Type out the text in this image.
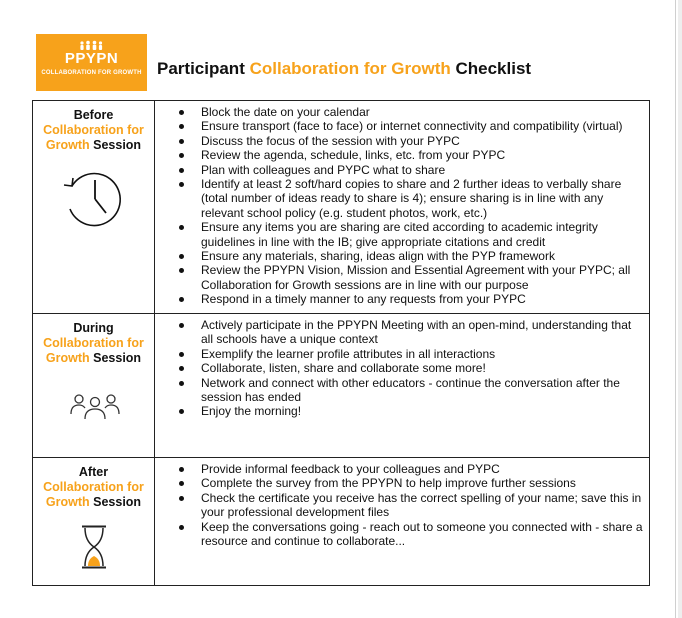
PPYPN
COLLABORATION FOR GROWTH Participant Collaboration for Growth Checklist
Before
Collaboration for
Growth Session
Block the date on your calendar
Ensure transport (face to face) or internet connectivity and compatibility (virtual)
Discuss the focus of the session with your PYPC
Review the agenda, schedule, links, etc. from your PYPC
Plan with colleagues and PYPC what to share
Identify at least 2 soft/hard copies to share and 2 further ideas to verbally share (total number of ideas ready to share is 4); ensure sharing is in line with any relevant school policy (e.g. student photos, work, etc.)
Ensure any items you are sharing are cited according to academic integrity guidelines in line with the IB; give appropriate citations and credit
Ensure any materials, sharing, ideas align with the PYP framework
Review the PPYPN Vision, Mission and Essential Agreement with your PYPC; all Collaboration for Growth sessions are in line with our purpose
Respond in a timely manner to any requests from your PYPC
During
Collaboration for
Growth Session
Actively participate in the PPYPN Meeting with an open-mind, understanding that all schools have a unique context
Exemplify the learner profile attributes in all interactions
Collaborate, listen, share and collaborate some more!
Network and connect with other educators - continue the conversation after the session has ended
Enjoy the morning!
After
Collaboration for
Growth Session
Provide informal feedback to your colleagues and PYPC
Complete the survey from the PPYPN to help improve further sessions
Check the certificate you receive has the correct spelling of your name; save this in your professional development files
Keep the conversations going - reach out to someone you connected with - share a resource and continue to collaborate...
